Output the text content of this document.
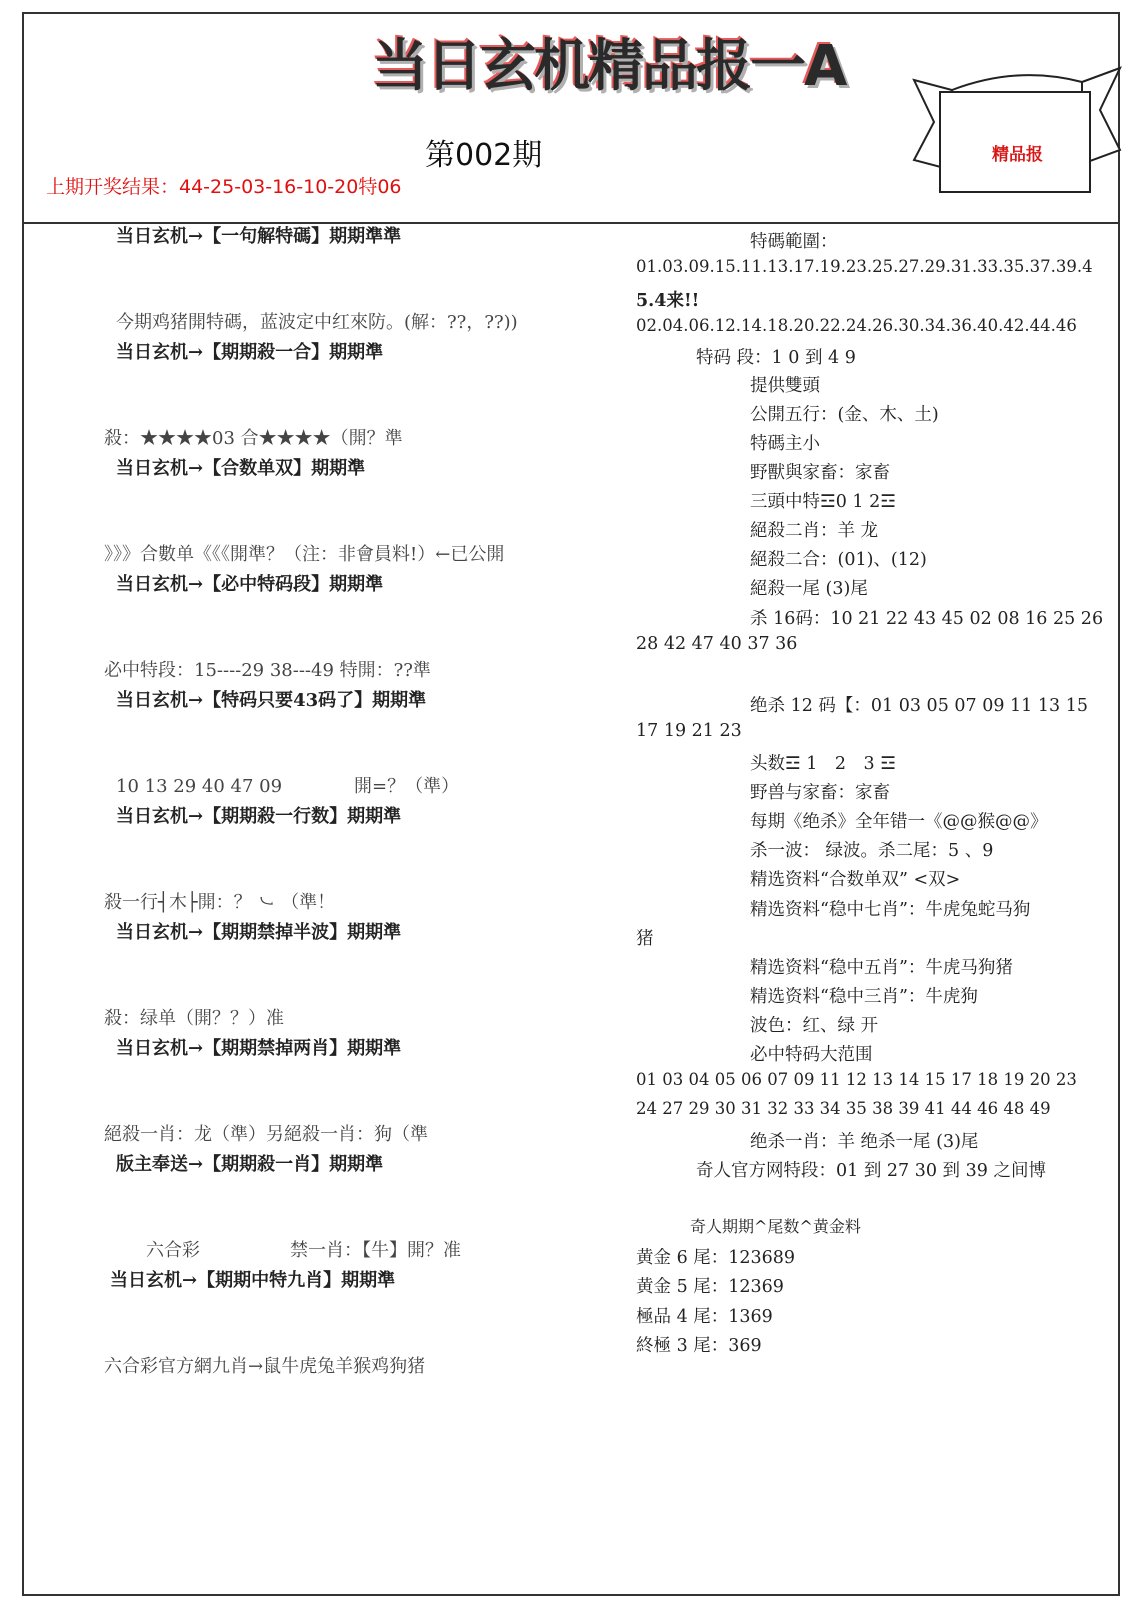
当日玄机精品报一A
第002期
上期开奖结果：44-25-03-16-10-20特06
精品报
当日玄机→【一句解特碼】期期準準
今期鸡猪開特碼，蓝波定中红來防。(解：??，??))
当日玄机→【期期殺一合】期期準
殺：★★★★03 合★★★★（開？準
当日玄机→【合数单双】期期準
》》》合數单《《《開準？（注：非會員料!）←已公開
当日玄机→【必中特码段】期期準
必中特段：15----29 38---49 特開：??準
当日玄机→【特码只要43码了】期期準
10 13 29 40 47 09　　　　開=？（準）
当日玄机→【期期殺一行数】期期準
殺一行┤木├開：？ ㇃ （準！
当日玄机→【期期禁掉半波】期期準
殺：绿单（開？？）准
当日玄机→【期期禁掉两肖】期期準
絕殺一肖：龙（準）另絕殺一肖：狗（準
版主奉送→【期期殺一肖】期期準
六合彩　　　　　禁一肖：【牛】開？准
当日玄机→【期期中特九肖】期期準
六合彩官方網九肖→鼠牛虎兔羊猴鸡狗猪
特碼範圍：
01.03.09.15.11.13.17.19.23.25.27.29.31.33.35.37.39.4
5.4来!!
02.04.06.12.14.18.20.22.24.26.30.34.36.40.42.44.46
特码 段：1 0 到 4 9
提供雙頭
公開五行：(金、木、土)
特碼主小
野獸與家畜：家畜
三頭中特☲0 1 2☲
絕殺二肖：羊 龙
絕殺二合：(01)、(12)
絕殺一尾 (3)尾
杀 16码：10 21 22 43 45 02 08 16 25 26
28 42 47 40 37 36
绝杀 12 码【：01 03 05 07 09 11 13 15
17 19 21 23
头数☲ 1　2　3 ☲
野兽与家畜：家畜
每期《绝杀》全年错一《@@猴@@》
杀一波： 绿波。杀二尾：5 、9
精选资料“合数单双” <双>
精选资料“稳中七肖”：牛虎兔蛇马狗
猪
精选资料“稳中五肖”：牛虎马狗猪
精选资料“稳中三肖”：牛虎狗
波色：红、绿 开
必中特码大范围
01 03 04 05 06 07 09 11 12 13 14 15 17 18 19 20 23
24 27 29 30 31 32 33 34 35 38 39 41 44 46 48 49
绝杀一肖：羊 绝杀一尾 (3)尾
奇人官方网特段：01 到 27 30 到 39 之间博
奇人期期^尾数^黄金料
黄金 6 尾：123689
黄金 5 尾：12369
極品 4 尾：1369
終極 3 尾：369
